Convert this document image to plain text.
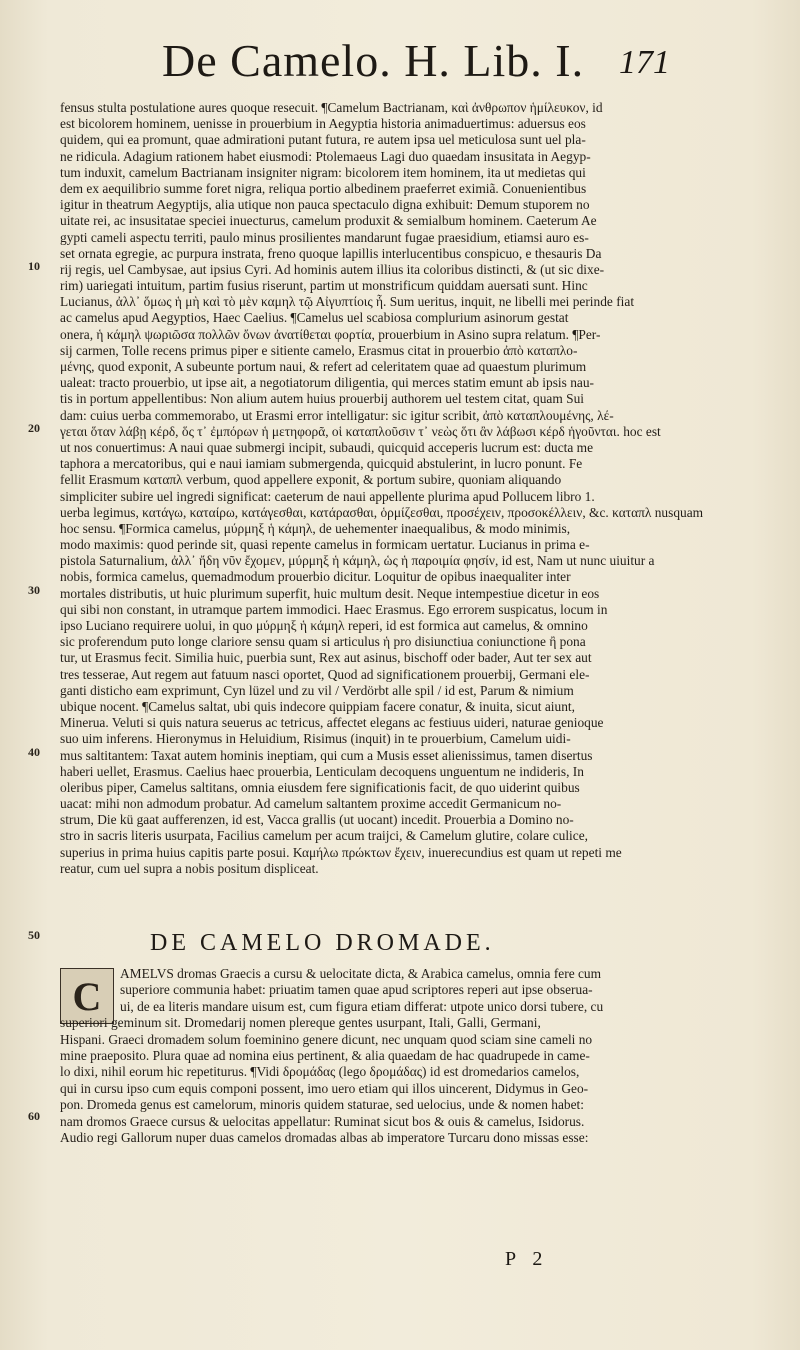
De Camelo. H. Lib. I. 171
10
20
30
40
50
60
fensus stulta postulatione aures quoque resecuit. ¶Camelum Bactrianam, καὶ ἀνθρωπον ἡμίλευκον, id
est bicolorem hominem, uenisse in prouerbium in Aegyptia historia animaduertimus: aduersus eos
quidem, qui ea promunt, quae admirationi putant futura, re autem ipsa uel meticulosa sunt uel pla-
ne ridicula. Adagium rationem habet eiusmodi: Ptolemaeus Lagi duo quaedam insusitata in Aegyp-
tum induxit, camelum Bactrianam insigniter nigram: bicolorem item hominem, ita ut medietas qui
dem ex aequilibrio summe foret nigra, reliqua portio albedinem praeferret eximiã. Conuenientibus
igitur in theatrum Aegyptijs, alia utique non pauca spectaculo digna exhibuit: Demum stuporem no
uitate rei, ac insusitatae speciei inuecturus, camelum produxit & semialbum hominem. Caeterum Ae
gypti cameli aspectu territi, paulo minus prosilientes mandarunt fugae praesidium, etiamsi auro es-
set ornata egregie, ac purpura instrata, freno quoque lapillis interlucentibus conspicuo, e thesauris Da
rij regis, uel Cambysae, aut ipsius Cyri. Ad hominis autem illius ita coloribus distincti, & (ut sic dixe-
rim) uariegati intuitum, partim fusius riserunt, partim ut monstrificum quiddam auersati sunt. Hinc
Lucianus, ἀλλ᾽ ὅμως ἡ μὴ καὶ τὸ μὲν καμηλ τῷ Αἰγυπτίοις ἦ. Sum ueritus, inquit, ne libelli mei perinde fiat
ac camelus apud Aegyptios, Haec Caelius. ¶Camelus uel scabiosa complurium asinorum gestat
onera, ἡ κάμηλ ψωριῶσα πολλῶν ὄνων ἀνατίθεται φορτία, prouerbium in Asino supra relatum. ¶Per-
sij carmen, Tolle recens primus piper e sitiente camelo, Erasmus citat in prouerbio ἀπὸ καταπλο-
μένης, quod exponit, A subeunte portum naui, & refert ad celeritatem quae ad quaestum plurimum
ualeat: tracto prouerbio, ut ipse ait, a negotiatorum diligentia, qui merces statim emunt ab ipsis nau-
tis in portum appellentibus: Non alium autem huius prouerbij authorem uel testem citat, quam Sui
dam: cuius uerba commemorabo, ut Erasmi error intelligatur: sic igitur scribit, ἀπὸ καταπλουμένης, λέ-
γεται ὅταν λάβῃ κέρδ, ὅς τ᾽ ἐμπόρων ἡ μετηφορᾶ, οἱ καταπλοῦσιν τ᾽ νεὼς ὅτι ἂν λάβωσι κέρδ ἡγοῦνται. hoc est
ut nos conuertimus: A naui quae submergi incipit, subaudi, quicquid acceperis lucrum est: ducta me
taphora a mercatoribus, qui e naui iamiam submergenda, quicquid abstulerint, in lucro ponunt. Fe
fellit Erasmum καταπλ verbum, quod appellere exponit, & portum subire, quoniam aliquando
simpliciter subire uel ingredi significat: caeterum de naui appellente plurima apud Pollucem libro 1.
uerba legimus, κατάγω, καταίρω, κατάγεσθαι, κατάρασθαι, ὁρμίζεσθαι, προσέχειν, προσοκέλλειν, &c. καταπλ nusquam
hoc sensu. ¶Formica camelus, μύρμηξ ἡ κάμηλ, de uehementer inaequalibus, & modo minimis,
modo maximis: quod perinde sit, quasi repente camelus in formicam uertatur. Lucianus in prima e-
pistola Saturnalium, ἀλλ᾽ ἤδη νῦν ἔχομεν, μύρμηξ ἡ κάμηλ, ὡς ἡ παροιμία φησίν, id est, Nam ut nunc uiuitur a
nobis, formica camelus, quemadmodum prouerbio dicitur. Loquitur de opibus inaequaliter inter
mortales distributis, ut huic plurimum superfit, huic multum desit. Neque intempestiue dicetur in eos
qui sibi non constant, in utramque partem immodici. Haec Erasmus. Ego errorem suspicatus, locum in
ipso Luciano requirere uolui, in quo μύρμηξ ἡ κάμηλ reperi, id est formica aut camelus, & omnino
sic proferendum puto longe clariore sensu quam si articulus ἡ pro disiunctiua coniunctione ἢ pona
tur, ut Erasmus fecit. Similia huic, puerbia sunt, Rex aut asinus, bischoff oder bader, Aut ter sex aut
tres tesserae, Aut regem aut fatuum nasci oportet, Quod ad significationem prouerbij, Germani ele-
ganti disticho eam exprimunt, Cyn lüzel und zu vil / Verdörbt alle spil / id est, Parum & nimium
ubique nocent. ¶Camelus saltat, ubi quis indecore quippiam facere conatur, & inuita, sicut aiunt,
Minerua. Veluti si quis natura seuerus ac tetricus, affectet elegans ac festiuus uideri, naturae genioque
suo uim inferens. Hieronymus in Heluidium, Risimus (inquit) in te prouerbium, Camelum uidi-
mus saltitantem: Taxat autem hominis ineptiam, qui cum a Musis esset alienissimus, tamen disertus
haberi uellet, Erasmus. Caelius haec prouerbia, Lenticulam decoquens unguentum ne indideris, In
oleribus piper, Camelus saltitans, omnia eiusdem fere significationis facit, de quo uiderint quibus
uacat: mihi non admodum probatur. Ad camelum saltantem proxime accedit Germanicum no-
strum, Die kü gaat aufferenzen, id est, Vacca grallis (ut uocant) incedit. Prouerbia a Domino no-
stro in sacris literis usurpata, Facilius camelum per acum traijci, & Camelum glutire, colare culice,
superius in prima huius capitis parte posui. Καμήλω πρώκτων ἔχειν, inuerecundius est quam ut repeti me
reatur, cum uel supra a nobis positum displiceat.
DE CAMELO DROMADE.
C	AMELVS dromas Graecis a cursu & uelocitate dicta, & Arabica camelus, omnia fere cum
superiore communia habet: priuatim tamen quae apud scriptores reperi aut ipse obserua-
ui, de ea literis mandare uisum est, cum figura etiam differat: utpote unico dorsi tubere, cu
superiori geminum sit. Dromedarij nomen plereque gentes usurpant, Itali, Galli, Germani,
Hispani. Graeci dromadem solum foeminino genere dicunt, nec unquam quod sciam sine cameli no
mine praeposito. Plura quae ad nomina eius pertinent, & alia quaedam de hac quadrupede in came-
lo dixi, nihil eorum hic repetiturus. ¶Vidi δρομάδας (lego δρομάδας) id est dromedarios camelos,
qui in cursu ipso cum equis componi possent, imo uero etiam qui illos uincerent, Didymus in Geo-
pon. Dromeda genus est camelorum, minoris quidem staturae, sed uelocius, unde & nomen habet:
nam dromos Graece cursus & uelocitas appellatur: Ruminat sicut bos & ouis & camelus, Isidorus.
Audio regi Gallorum nuper duas camelos dromadas albas ab imperatore Turcaru dono missas esse:
P 2
